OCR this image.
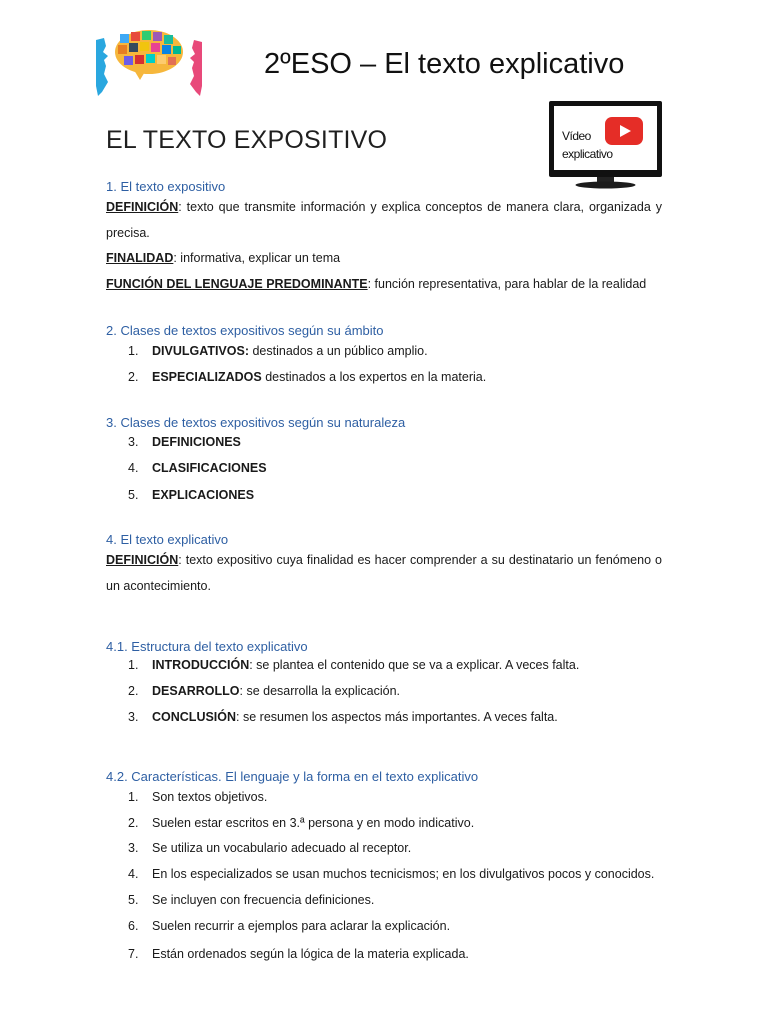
2ºESO – El texto explicativo
Vídeo
explicativo
EL TEXTO EXPOSITIVO
1. El texto expositivo
DEFINICIÓN: texto que transmite información y explica conceptos de manera clara, organizada y precisa.
FINALIDAD: informativa, explicar un tema
FUNCIÓN DEL LENGUAJE PREDOMINANTE: función representativa, para hablar de la realidad
2. Clases de textos expositivos según su ámbito
1. DIVULGATIVOS: destinados a un público amplio.
2. ESPECIALIZADOS destinados a los expertos en la materia.
3. Clases de textos expositivos según su naturaleza
3. DEFINICIONES
4. CLASIFICACIONES
5. EXPLICACIONES
4. El texto explicativo
DEFINICIÓN: texto expositivo cuya finalidad es hacer comprender a su destinatario un fenómeno o un acontecimiento.
4.1. Estructura del texto explicativo
1. INTRODUCCIÓN: se plantea el contenido que se va a explicar. A veces falta.
2. DESARROLLO: se desarrolla la explicación.
3. CONCLUSIÓN: se resumen los aspectos más importantes. A veces falta.
4.2. Características. El lenguaje y la forma en el texto explicativo
1. Son textos objetivos.
2. Suelen estar escritos en 3.ª persona y en modo indicativo.
3. Se utiliza un vocabulario adecuado al receptor.
4. En los especializados se usan muchos tecnicismos; en los divulgativos pocos y conocidos.
5. Se incluyen con frecuencia definiciones.
6. Suelen recurrir a ejemplos para aclarar la explicación.
7. Están ordenados según la lógica de la materia explicada.
